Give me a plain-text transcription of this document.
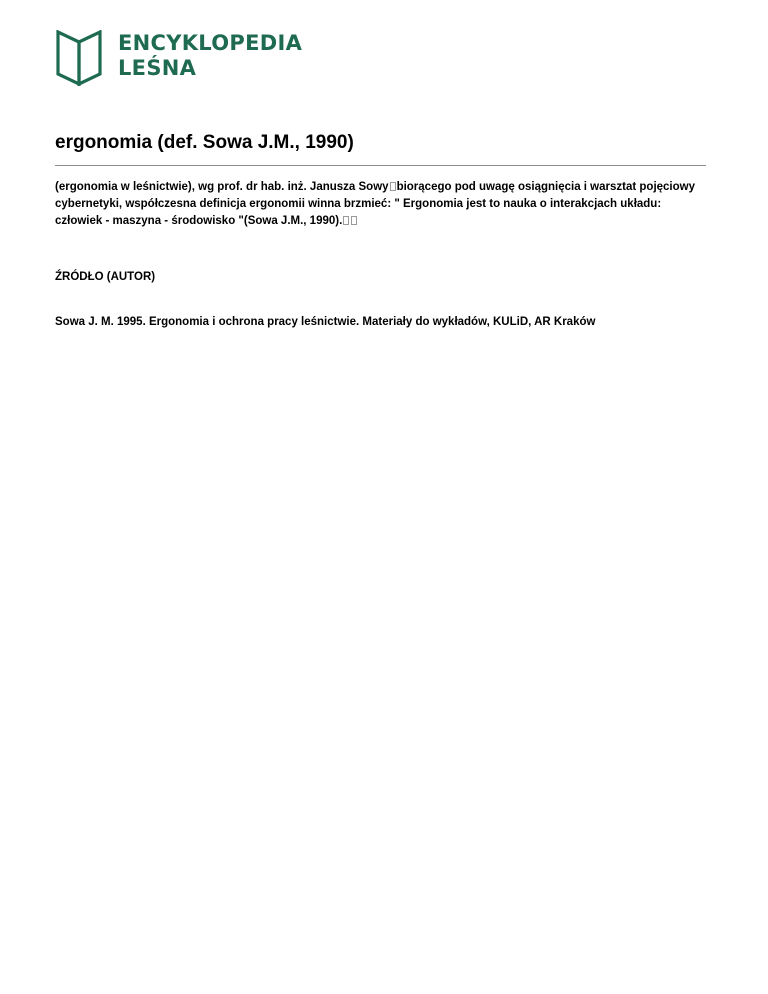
ENCYKLOPEDIA
LEŚNA
ergonomia (def. Sowa J.M., 1990)

(ergonomia w leśnictwie), wg prof. dr hab. inż. Janusza Sowy biorącego pod uwagę osiągnięcia i warsztat pojęciowy cybernetyki, współczesna definicja ergonomii winna brzmieć: " Ergonomia jest to nauka o interakcjach układu: człowiek - maszyna - środowisko "(Sowa J.M., 1990).

ŹRÓDŁO (AUTOR)

Sowa J. M. 1995. Ergonomia i ochrona pracy leśnictwie. Materiały do wykładów, KULiD, AR Kraków
